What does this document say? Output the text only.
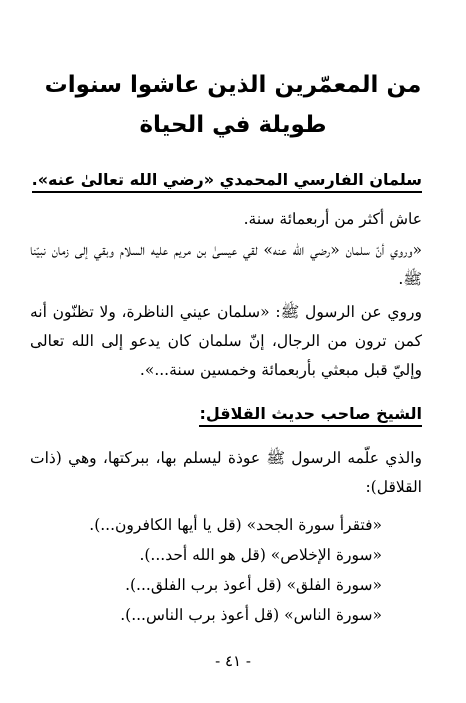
من المعمّرين الذين عاشوا سنوات
طويلة في الحياة
سلمان الفارسي المحمدي «رضي الله تعالىٰ عنه».
عاش أكثر من أربعمائة سنة.
«وروي أنّ سلمان «رضي الله عنه» لقي عيسىٰ بن مريم عليه السلام وبقي إلى زمان نبيّنا ﷺ.
وروي عن الرسول ﷺ: «سلمان عيني الناظرة، ولا تظنّون أنه كمن ترون من الرجال، إنّ سلمان كان يدعو إلى الله تعالى وإليّ قبل مبعثي بأربعمائة وخمسين سنة...».
الشيخ صاحب حديث القلاقل:
والذي علّمه الرسول ﷺ عوذة ليسلم بها، ببركتها، وهي (ذات القلاقل):
«فتقرأ سورة الجحد» (قل يا أيها الكافرون...).
«سورة الإخلاص» (قل هو الله أحد...).
«سورة الفلق» (قل أعوذ برب الفلق...).
«سورة الناس» (قل أعوذ برب الناس...).
- ٤١ -
